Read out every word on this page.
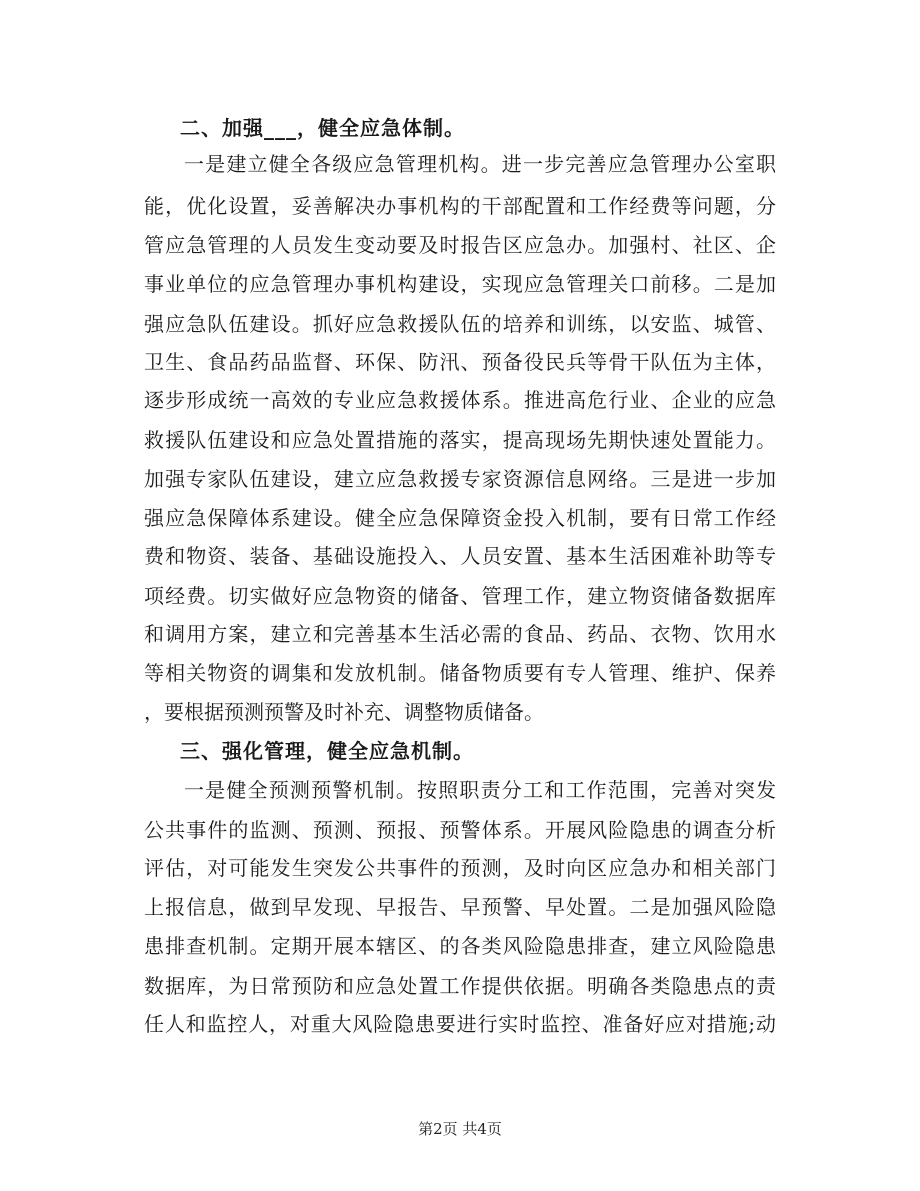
二、加强___，健全应急体制。
一是建立健全各级应急管理机构。进一步完善应急管理办公室职
能，优化设置，妥善解决办事机构的干部配置和工作经费等问题，分
管应急管理的人员发生变动要及时报告区应急办。加强村、社区、企
事业单位的应急管理办事机构建设，实现应急管理关口前移。二是加
强应急队伍建设。抓好应急救援队伍的培养和训练，以安监、城管、
卫生、食品药品监督、环保、防汛、预备役民兵等骨干队伍为主体，
逐步形成统一高效的专业应急救援体系。推进高危行业、企业的应急
救援队伍建设和应急处置措施的落实，提高现场先期快速处置能力。
加强专家队伍建设，建立应急救援专家资源信息网络。三是进一步加
强应急保障体系建设。健全应急保障资金投入机制，要有日常工作经
费和物资、装备、基础设施投入、人员安置、基本生活困难补助等专
项经费。切实做好应急物资的储备、管理工作，建立物资储备数据库
和调用方案，建立和完善基本生活必需的食品、药品、衣物、饮用水
等相关物资的调集和发放机制。储备物质要有专人管理、维护、保养
，要根据预测预警及时补充、调整物质储备。
三、强化管理，健全应急机制。
一是健全预测预警机制。按照职责分工和工作范围，完善对突发
公共事件的监测、预测、预报、预警体系。开展风险隐患的调查分析
评估，对可能发生突发公共事件的预测，及时向区应急办和相关部门
上报信息，做到早发现、早报告、早预警、早处置。二是加强风险隐
患排查机制。定期开展本辖区、的各类风险隐患排查，建立风险隐患
数据库，为日常预防和应急处置工作提供依据。明确各类隐患点的责
任人和监控人，对重大风险隐患要进行实时监控、准备好应对措施;动
第2页 共4页
